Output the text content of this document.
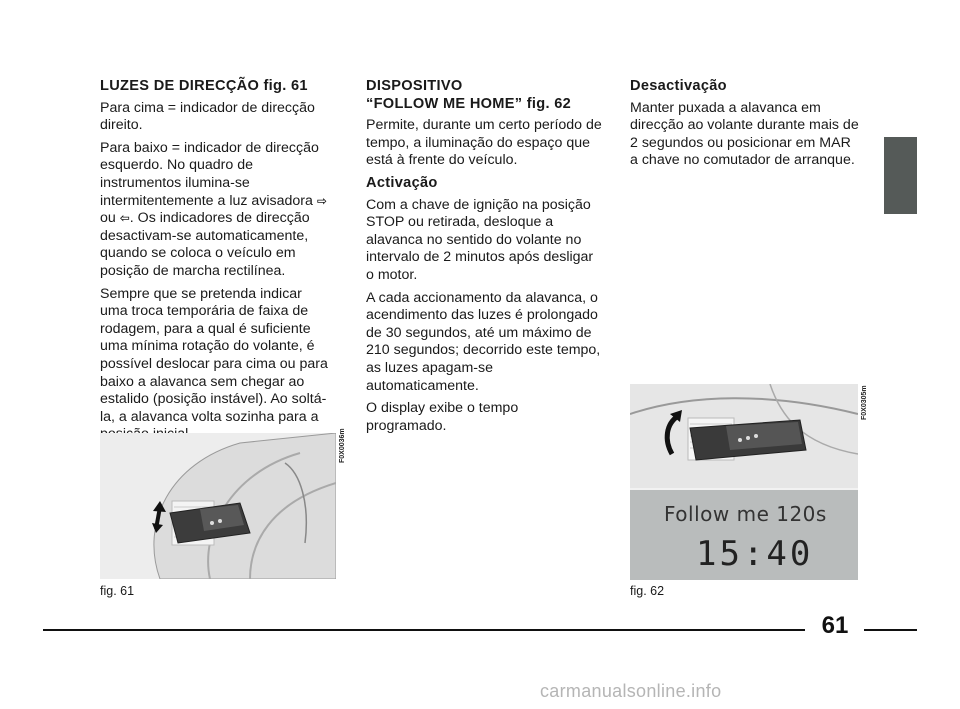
LUZES DE DIRECÇÃO fig. 61

Para cima = indicador de direcção direito.

Para baixo = indicador de direcção esquerdo. No quadro de instrumentos ilumina-se intermitentemente a luz avisadora ⇨ ou ⇦. Os indicadores de direcção desactivam-se automaticamente, quando se coloca o veículo em posição de marcha rectilínea.

Sempre que se pretenda indicar uma troca temporária de faixa de rodagem, para a qual é suficiente uma mínima rotação do volante, é possível deslocar para cima ou para baixo a alavanca sem chegar ao estalido (posição instável). Ao soltá-la, a alavanca volta sozinha para a

DISPOSITIVO
“FOLLOW ME HOME” fig. 62

Permite, durante um certo período de tempo, a iluminação do espaço que está à frente do veículo.

Activação

Com a chave de ignição na posição STOP ou retirada, desloque a alavanca no sentido do volante no intervalo de 2 minutos após desligar o motor.

A cada accionamento da alavanca, o acendimento das luzes é prolongado de 30 segundos, até um máximo de 210 segundos; decorrido este tempo, as luzes apagam-se automaticamente.

O display exibe o tempo programado.

Desactivação

Manter puxada a alavanca em direcção ao volante durante mais de 2 segundos ou posicionar em MAR a chave no comutador de arranque.

F0X0036m
fig. 61
Follow me 120s
15:40
F0X0305m
fig. 62
61
carmanualsonline.info
